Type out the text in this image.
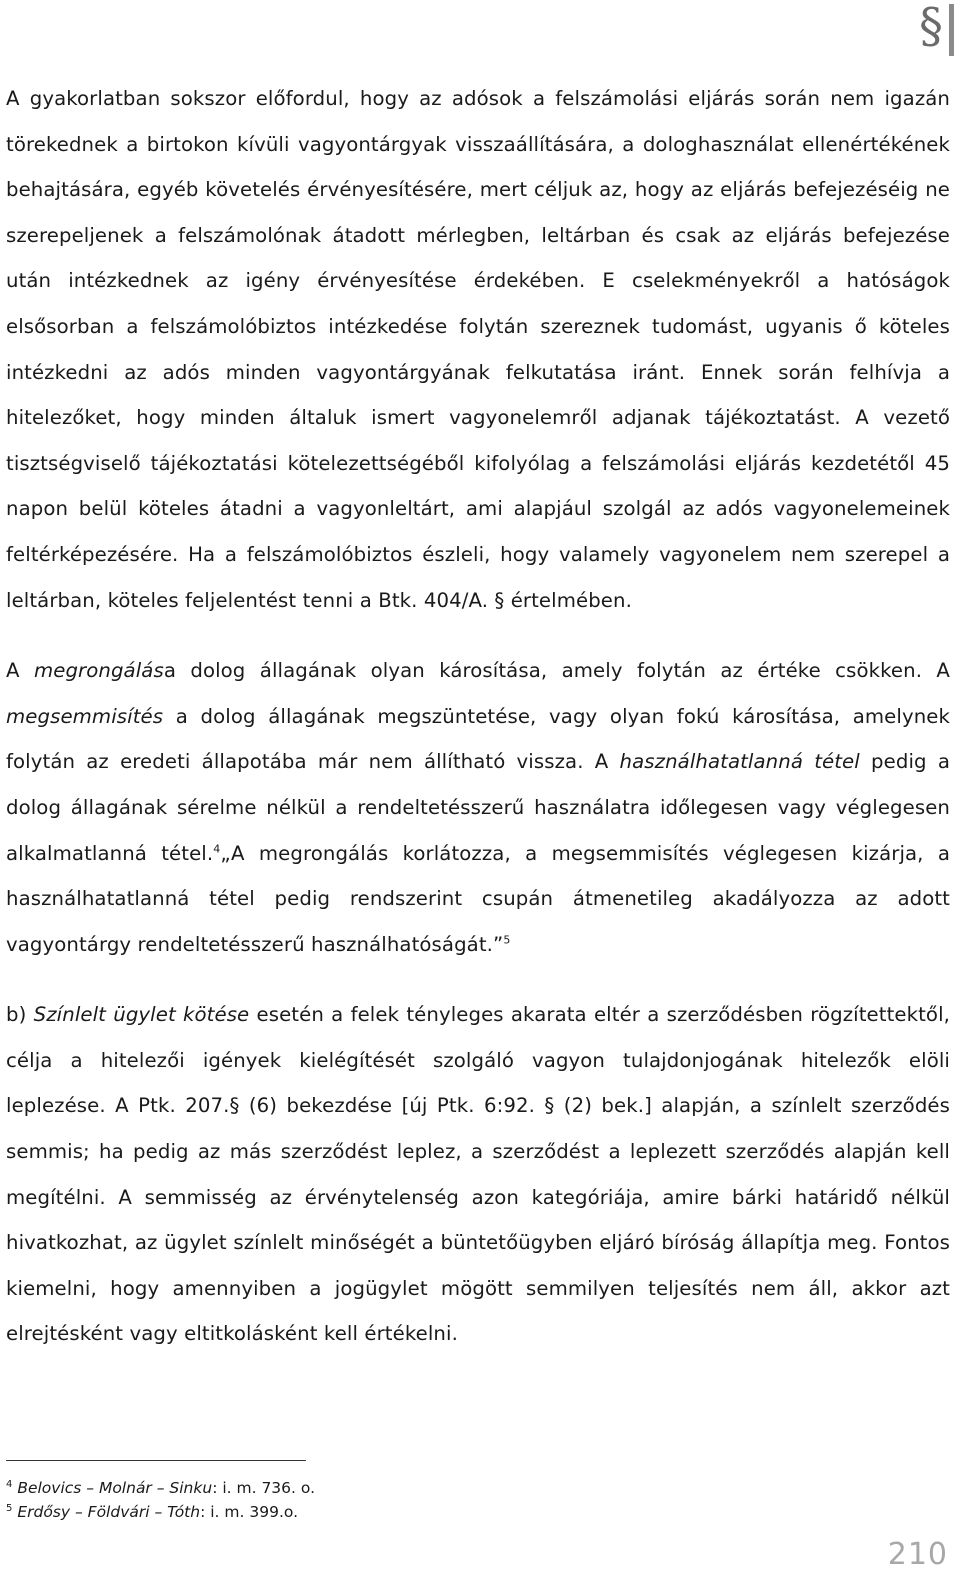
§

A gyakorlatban sokszor előfordul, hogy az adósok a felszámolási eljárás során nem igazán törekednek a birtokon kívüli vagyontárgyak visszaállítására, a dologhasználat ellenértékének behajtására, egyéb követelés érvényesítésére, mert céljuk az, hogy az eljárás befejezéséig ne szerepeljenek a felszámolónak átadott mérlegben, leltárban és csak az eljárás befejezése után intézkednek az igény érvényesítése érdekében. E cselekményekről a hatóságok elsősorban a felszámolóbiztos intézkedése folytán szereznek tudomást, ugyanis ő köteles intézkedni az adós minden vagyontárgyának felkutatása iránt. Ennek során felhívja a hitelezőket, hogy minden általuk ismert vagyonelemről adjanak tájékoztatást. A vezető tisztségviselő tájékoztatási kötelezettségéből kifolyólag a felszámolási eljárás kezdetétől 45 napon belül köteles átadni a vagyonleltárt, ami alapjául szolgál az adós vagyonelemeinek feltérképezésére. Ha a felszámolóbiztos észleli, hogy valamely vagyonelem nem szerepel a leltárban, köteles feljelentést tenni a Btk. 404/A. § értelmében.

A megrongálása dolog állagának olyan károsítása, amely folytán az értéke csökken. A megsemmisítés a dolog állagának megszüntetése, vagy olyan fokú károsítása, amelynek folytán az eredeti állapotába már nem állítható vissza. A használhatatlanná tétel pedig a dolog állagának sérelme nélkül a rendeltetésszerű használatra időlegesen vagy véglegesen alkalmatlanná tétel.$^4$„A megrongálás korlátozza, a megsemmisítés véglegesen kizárja, a használhatatlanná tétel pedig rendszerint csupán átmenetileg akadályozza az adott vagyontárgy rendeltetésszerű használhatóságát.”$^5$

b) Színlelt ügylet kötése esetén a felek tényleges akarata eltér a szerződésben rögzítettektől, célja a hitelezői igények kielégítését szolgáló vagyon tulajdonjogának hitelezők elöli leplezése. A Ptk. 207.§ (6) bekezdése [új Ptk. 6:92. § (2) bek.] alapján, a színlelt szerződés semmis; ha pedig az más szerződést leplez, a szerződést a leplezett szerződés alapján kell megítélni. A semmisség az érvénytelenség azon kategóriája, amire bárki határidő nélkül hivatkozhat, az ügylet színlelt minőségét a büntetőügyben eljáró bíróság állapítja meg. Fontos kiemelni, hogy amennyiben a jogügylet mögött semmilyen teljesítés nem áll, akkor azt elrejtésként vagy eltitkolásként kell értékelni.

$^4$ Belovics – Molnár – Sinku: i. m. 736. o.
$^5$ Erdősy – Földvári – Tóth: i. m. 399.o.
210
